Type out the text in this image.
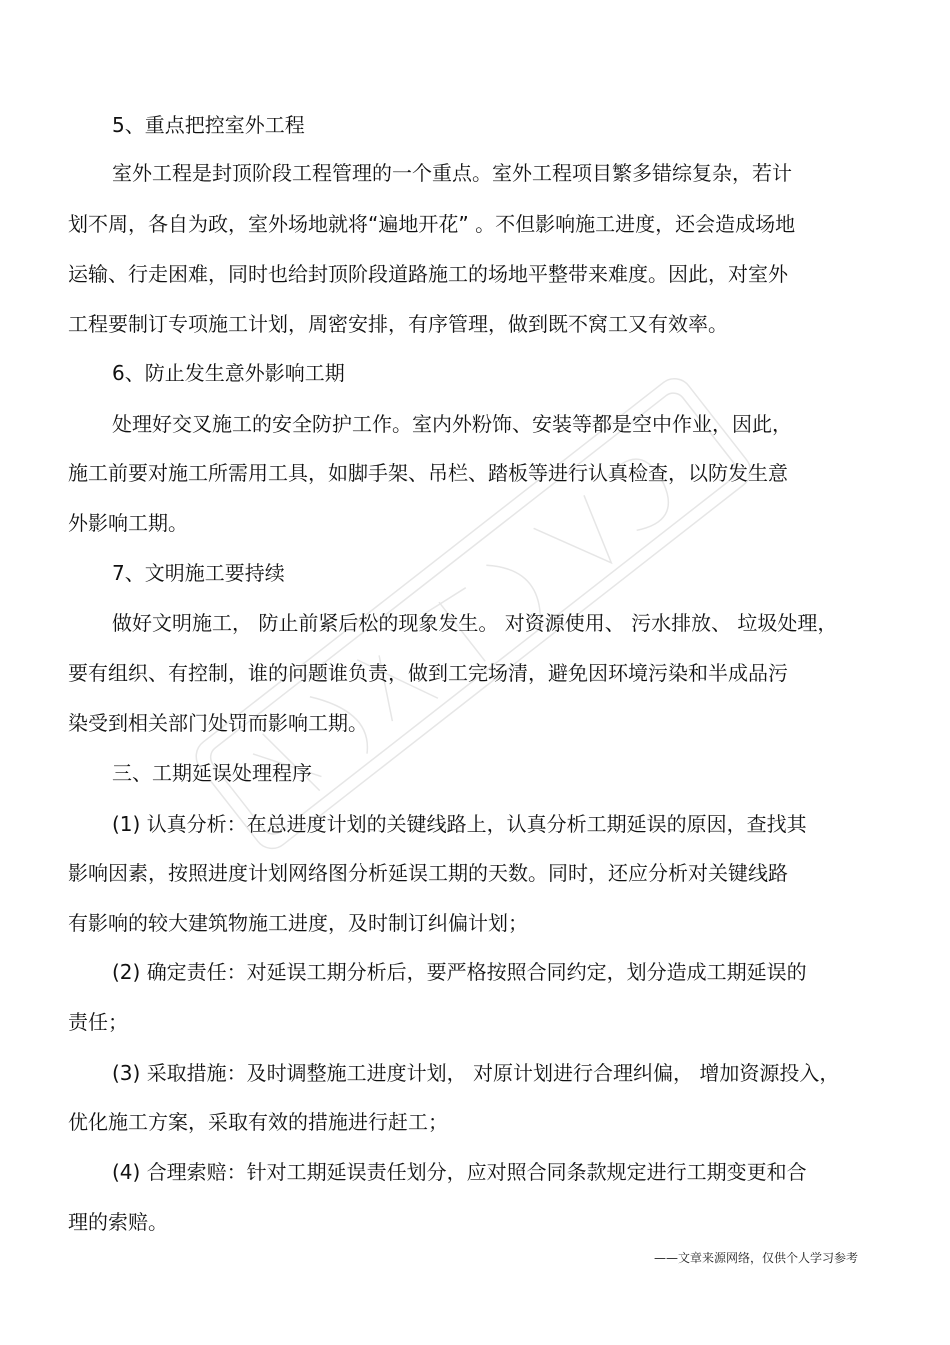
5、重点把控室外工程
室外工程是封顶阶段工程管理的一个重点。室外工程项目繁多错综复杂，若计
划不周，各自为政，室外场地就将“遍地开花” 。不但影响施工进度，还会造成场地
运输、行走困难，同时也给封顶阶段道路施工的场地平整带来难度。因此，对室外
工程要制订专项施工计划，周密安排，有序管理，做到既不窝工又有效率。
6、防止发生意外影响工期
处理好交叉施工的安全防护工作。室内外粉饰、安装等都是空中作业，因此，
施工前要对施工所需用工具，如脚手架、吊栏、踏板等进行认真检查，以防发生意
外影响工期。
7、文明施工要持续
做好文明施工， 防止前紧后松的现象发生。 对资源使用、 污水排放、 垃圾处理，
要有组织、有控制，谁的问题谁负责，做到工完场清，避免因环境污染和半成品污
染受到相关部门处罚而影响工期。
三、工期延误处理程序
(1) 认真分析：在总进度计划的关键线路上，认真分析工期延误的原因，查找其
影响因素，按照进度计划网络图分析延误工期的天数。同时，还应分析对关键线路
有影响的较大建筑物施工进度，及时制订纠偏计划；
(2) 确定责任：对延误工期分析后，要严格按照合同约定，划分造成工期延误的
责任；
(3) 采取措施：及时调整施工进度计划， 对原计划进行合理纠偏， 增加资源投入，
优化施工方案，采取有效的措施进行赶工；
(4) 合理索赔：针对工期延误责任划分，应对照合同条款规定进行工期变更和合
理的索赔。
——文章来源网络，仅供个人学习参考
